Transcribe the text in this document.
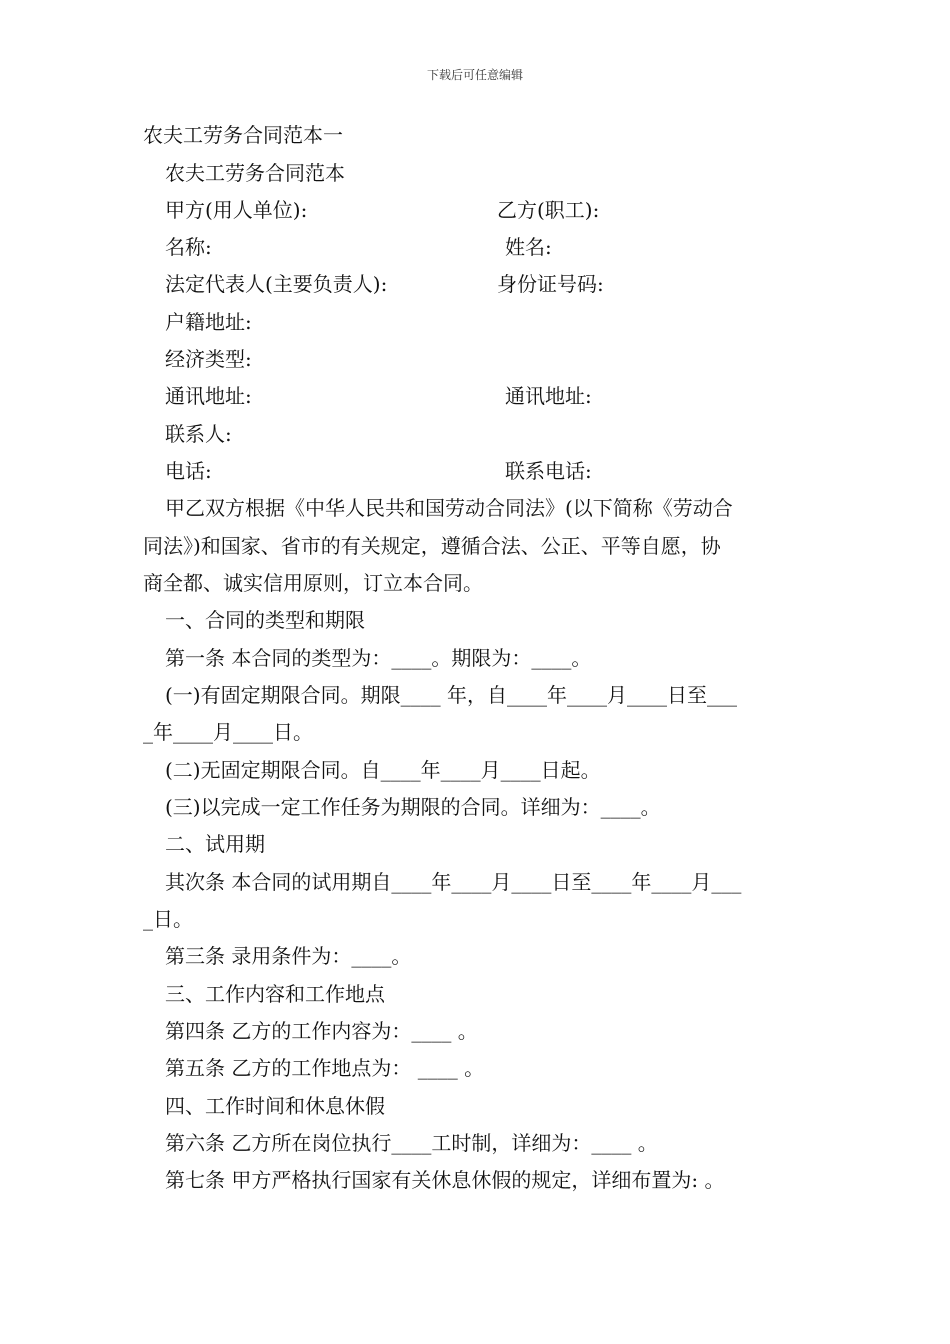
下载后可任意编辑
农夫工劳务合同范本一
农夫工劳务合同范本
甲方(用人单位):	乙方(职工):
名称:	姓名:
法定代表人(主要负责人):	身份证号码:
户籍地址:
经济类型:
通讯地址:	通讯地址:
联系人:
电话:	联系电话:
甲乙双方根据《中华人民共和国劳动合同法》(以下简称《劳动合
同法》)和国家、省市的有关规定，遵循合法、公正、平等自愿，协
商全都、诚实信用原则，订立本合同。
一、合同的类型和期限
第一条 本合同的类型为：____。期限为：____。
(一)有固定期限合同。期限____ 年，自____年____月____日至___
_年____月____日。
(二)无固定期限合同。自____年____月____日起。
(三)以完成一定工作任务为期限的合同。详细为：____。
二、试用期
其次条 本合同的试用期自____年____月____日至____年____月___
_日。
第三条 录用条件为：____。
三、工作内容和工作地点
第四条 乙方的工作内容为：____ 。
第五条 乙方的工作地点为： ____ 。
四、工作时间和休息休假
第六条 乙方所在岗位执行____工时制，详细为：____ 。
第七条 甲方严格执行国家有关休息休假的规定，详细布置为: 。
